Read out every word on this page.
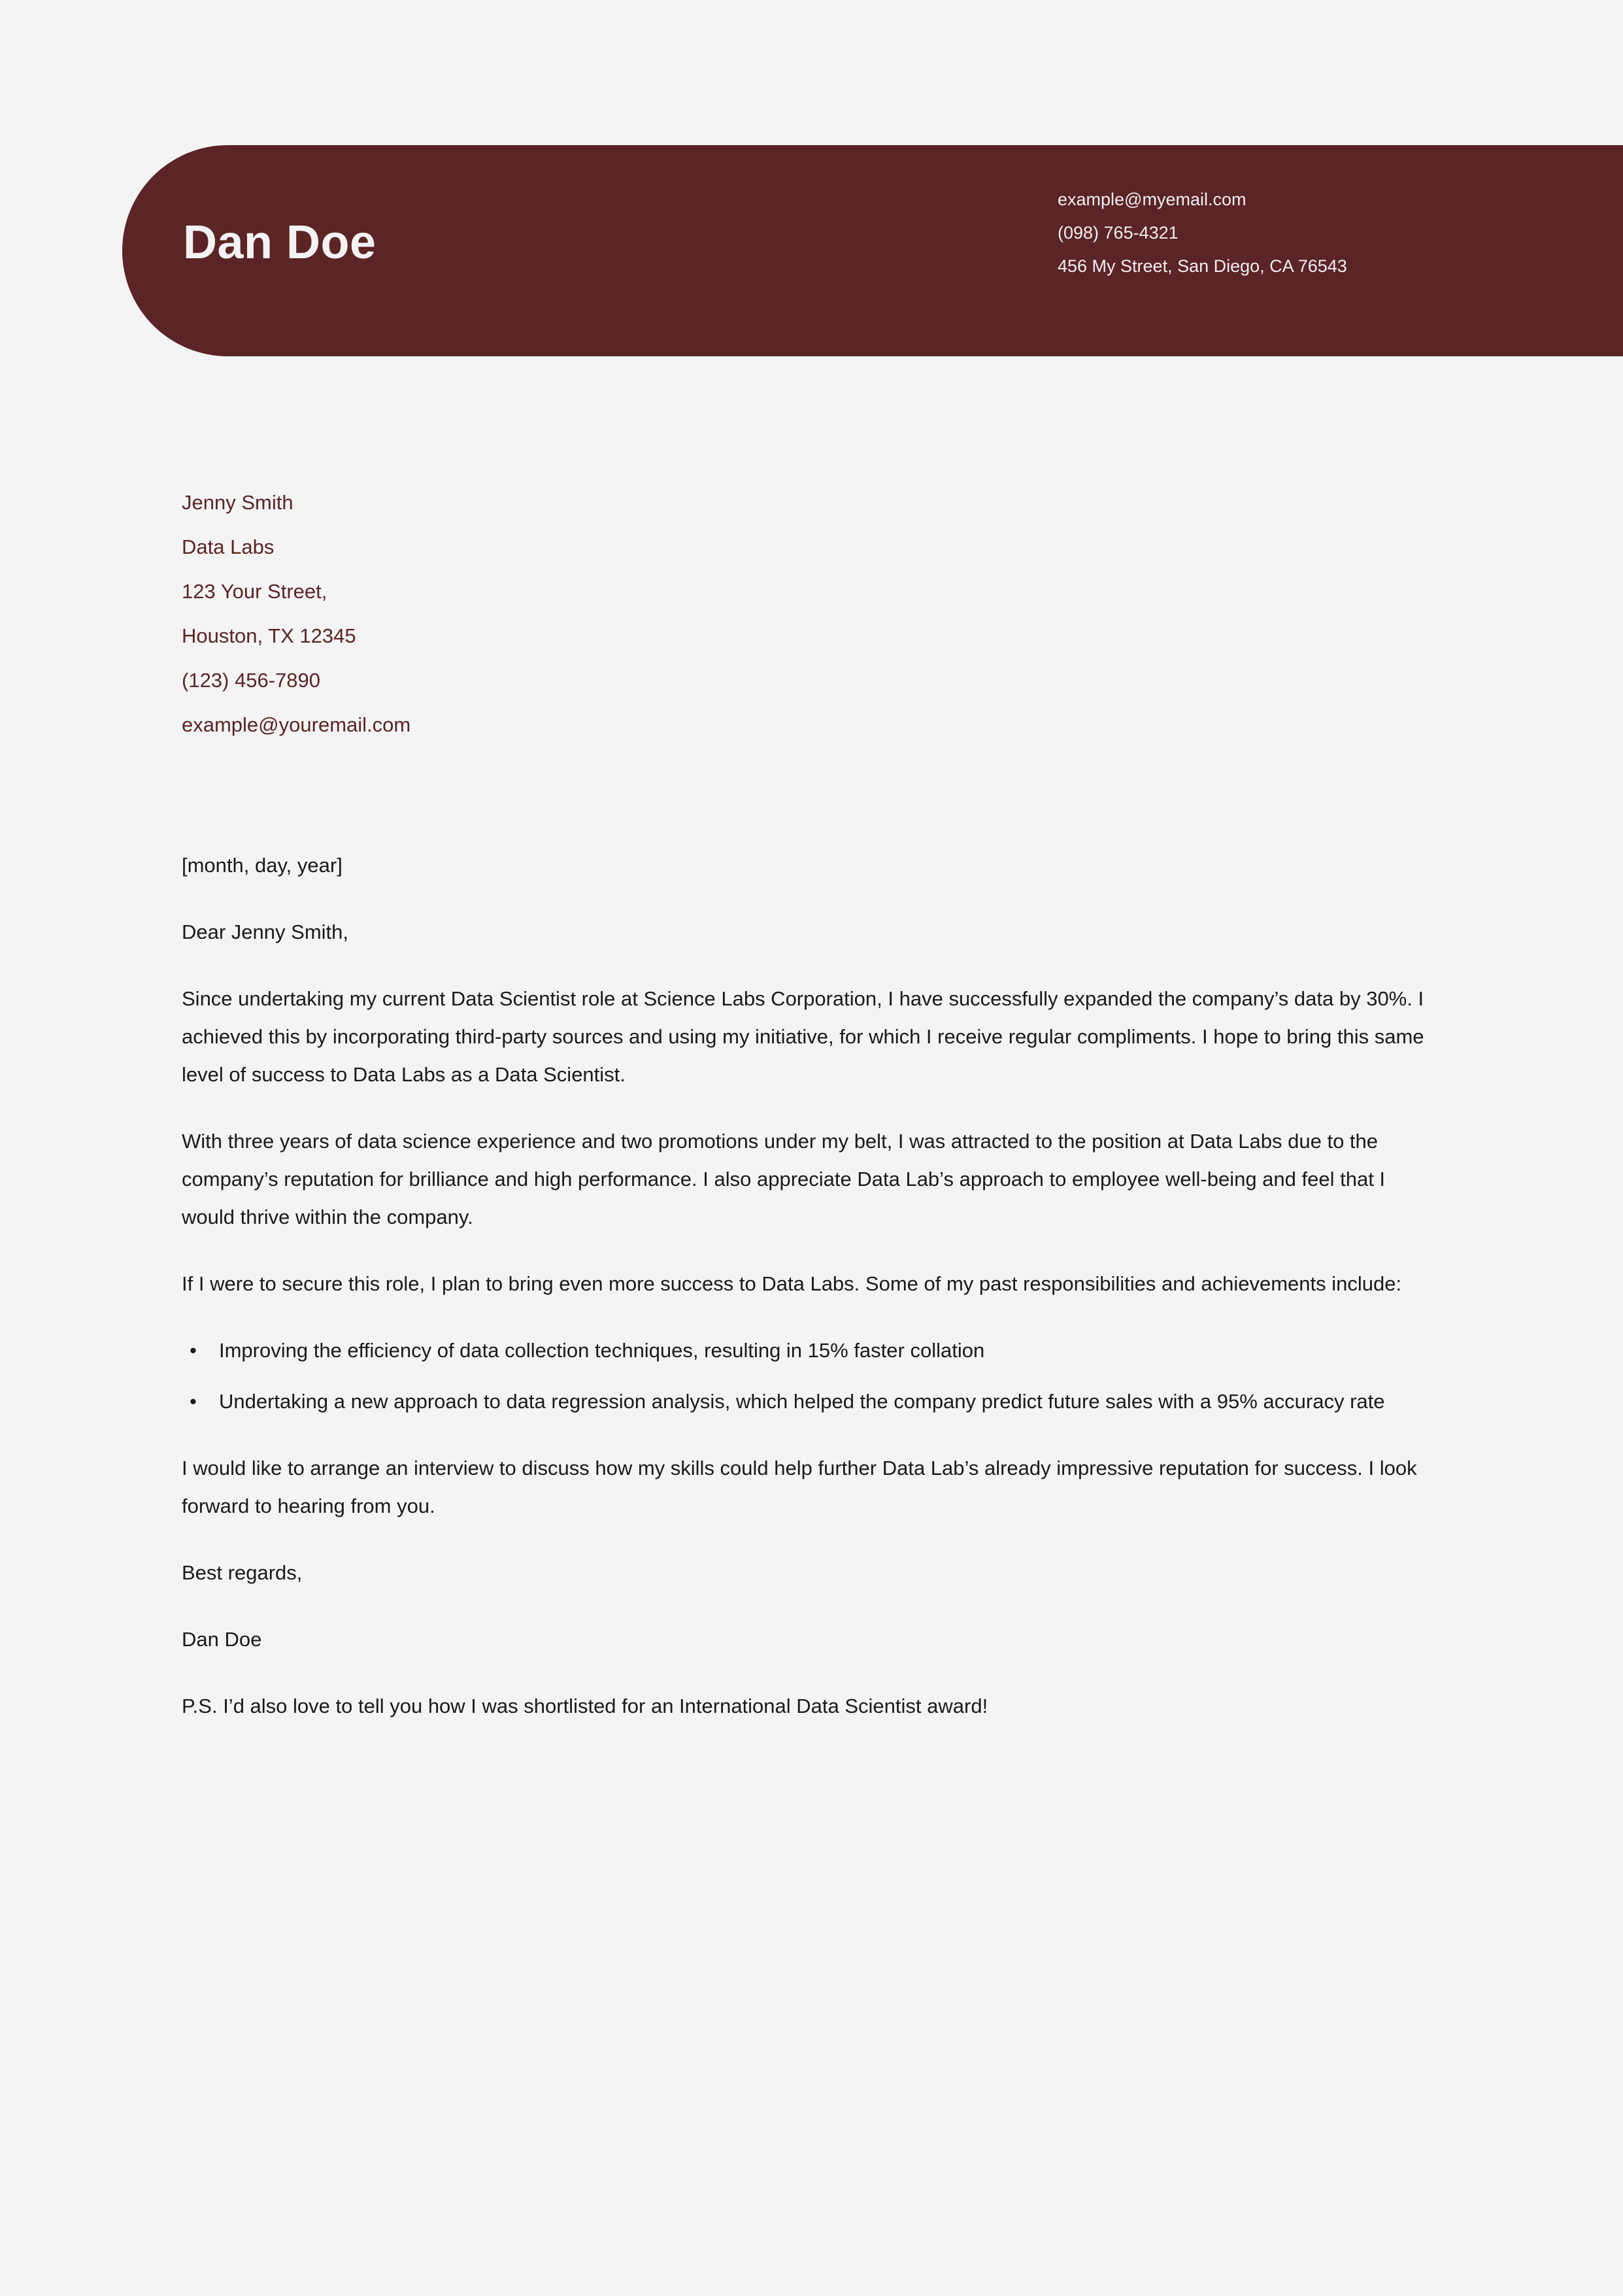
Dan Doe
example@myemail.com
(098) 765-4321
456 My Street, San Diego, CA 76543
Jenny Smith
Data Labs
123 Your Street,
Houston, TX 12345
(123) 456-7890
example@youremail.com

[month, day, year]

Dear Jenny Smith,

Since undertaking my current Data Scientist role at Science Labs Corporation, I have successfully expanded the company’s data by 30%. I achieved this by incorporating third-party sources and using my initiative, for which I receive regular compliments. I hope to bring this same level of success to Data Labs as a Data Scientist.

With three years of data science experience and two promotions under my belt, I was attracted to the position at Data Labs due to the company’s reputation for brilliance and high performance. I also appreciate Data Lab’s approach to employee well-being and feel that I would thrive within the company.

If I were to secure this role, I plan to bring even more success to Data Labs. Some of my past responsibilities and achievements include:

• Improving the efficiency of data collection techniques, resulting in 15% faster collation
• Undertaking a new approach to data regression analysis, which helped the company predict future sales with a 95% accuracy rate

I would like to arrange an interview to discuss how my skills could help further Data Lab’s already impressive reputation for success. I look forward to hearing from you.

Best regards,

Dan Doe

P.S. I’d also love to tell you how I was shortlisted for an International Data Scientist award!
